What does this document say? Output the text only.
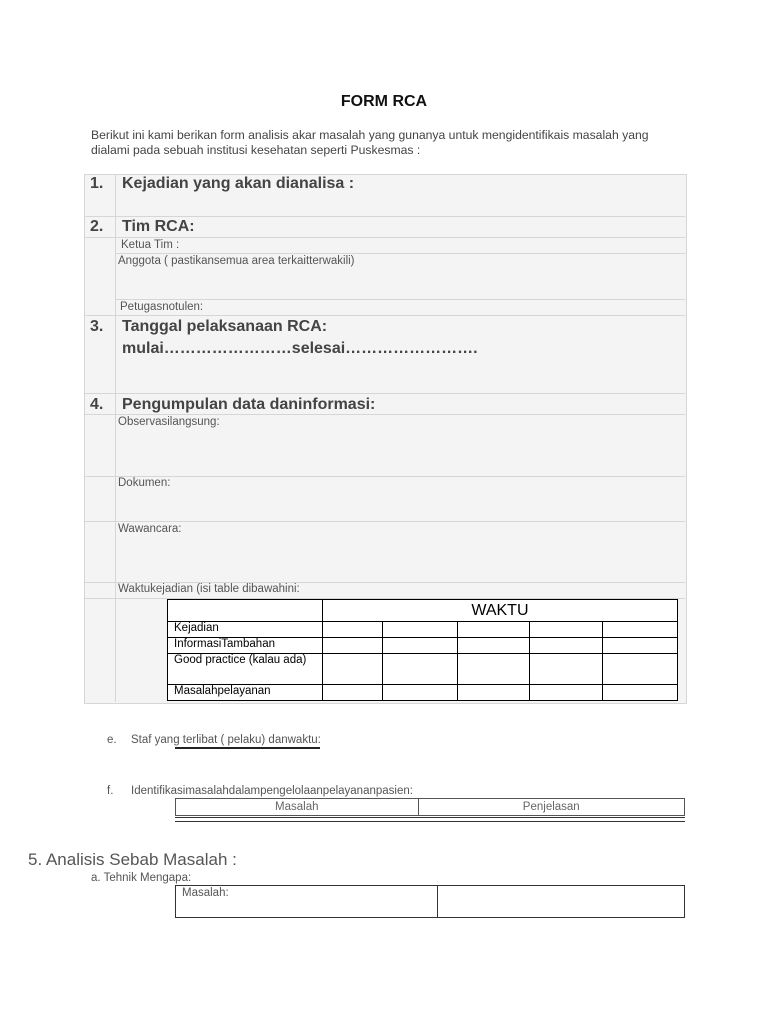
FORM RCA
Berikut ini kami berikan form analisis akar masalah yang gunanya untuk mengidentifikais masalah yang dialami pada sebuah institusi kesehatan seperti Puskesmas :
1. Kejadian yang akan dianalisa :
2. Tim RCA:
Ketua Tim :
Anggota ( pastikansemua area terkaitterwakili)
Petugasnotulen:
3. Tanggal pelaksanaan RCA:
mulai……………………selesai…………………….
4. Pengumpulan data daninformasi:
Observasilangsung:
Dokumen:
Wawancara:
Waktukejadian (isi table dibawahini:
	WAKTU				
Kejadian					
InformasiTambahan					
Good practice (kalau ada)					
Masalahpelayanan					
e. Staf yang terlibat ( pelaku) danwaktu:
f. Identifikasimasalahdalampengelolaanpelayananpasien:
Masalah	Penjelasan
5. Analisis Sebab Masalah :
a. Tehnik Mengapa:
Masalah:	
